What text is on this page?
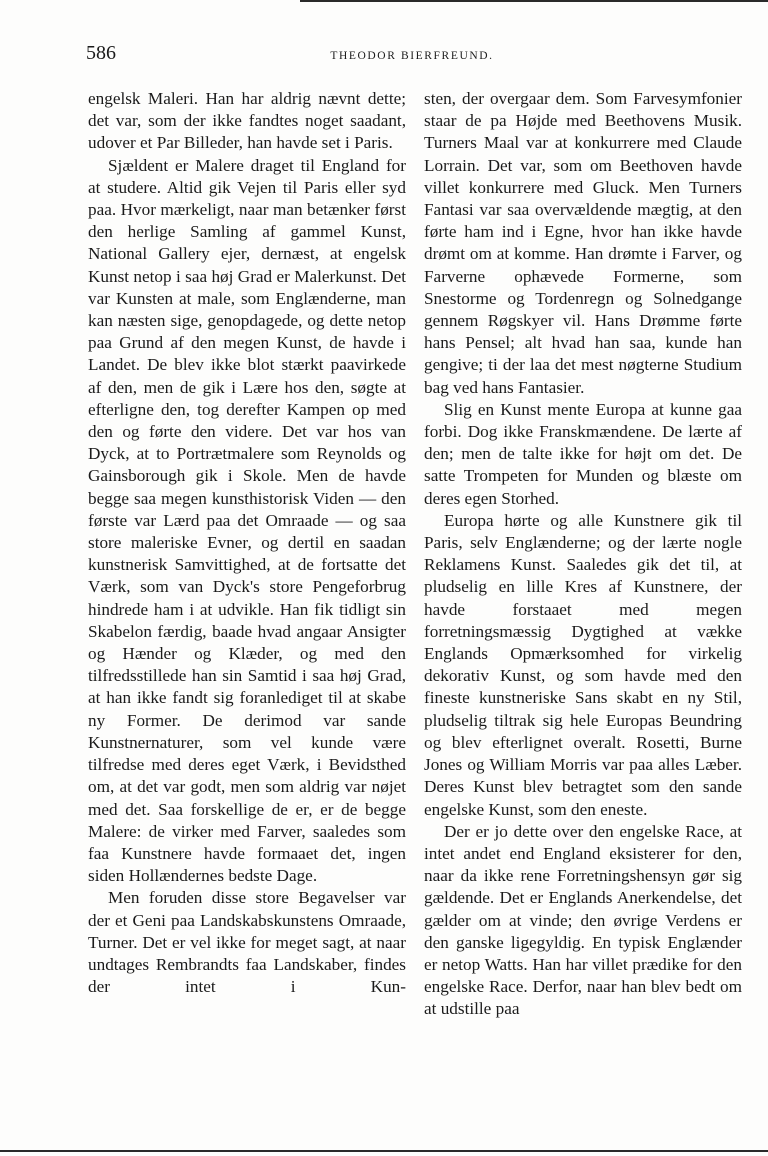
586	THEODOR BIERFREUND.

engelsk Maleri. Han har aldrig nævnt dette; det var, som der ikke fandtes noget saadant, udover et Par Billeder, han havde set i Paris.

Sjældent er Malere draget til England for at studere. Altid gik Vejen til Paris eller syd paa. Hvor mærkeligt, naar man betænker først den herlige Samling af gammel Kunst, National Gallery ejer, dernæst, at engelsk Kunst netop i saa høj Grad er Malerkunst. Det var Kunsten at male, som Englænderne, man kan næsten sige, genopdagede, og dette netop paa Grund af den megen Kunst, de havde i Landet. De blev ikke blot stærkt paavirkede af den, men de gik i Lære hos den, søgte at efterligne den, tog derefter Kampen op med den og førte den videre. Det var hos van Dyck, at to Portrætmalere som Reynolds og Gainsborough gik i Skole. Men de havde begge saa megen kunsthistorisk Viden — den første var Lærd paa det Omraade — og saa store maleriske Evner, og dertil en saadan kunstnerisk Samvittighed, at de fortsatte det Værk, som van Dyck's store Pengeforbrug hindrede ham i at udvikle. Han fik tidligt sin Skabelon færdig, baade hvad angaar Ansigter og Hænder og Klæder, og med den tilfredsstillede han sin Samtid i saa høj Grad, at han ikke fandt sig foranlediget til at skabe ny Former. De derimod var sande Kunstnernaturer, som vel kunde være tilfredse med deres eget Værk, i Bevidsthed om, at det var godt, men som aldrig var nøjet med det. Saa forskellige de er, er de begge Malere: de virker med Farver, saaledes som faa Kunstnere havde formaaet det, ingen siden Hollændernes bedste Dage.

Men foruden disse store Begavelser var der et Geni paa Landskabskunstens Omraade, Turner. Det er vel ikke for meget sagt, at naar undtages Rembrandts faa Landskaber, findes der intet i Kun-

sten, der overgaar dem. Som Farvesymfonier staar de pa Højde med Beethovens Musik. Turners Maal var at konkurrere med Claude Lorrain. Det var, som om Beethoven havde villet konkurrere med Gluck. Men Turners Fantasi var saa overvældende mægtig, at den førte ham ind i Egne, hvor han ikke havde drømt om at komme. Han drømte i Farver, og Farverne ophævede Formerne, som Snestorme og Tordenregn og Solnedgange gennem Røgskyer vil. Hans Drømme førte hans Pensel; alt hvad han saa, kunde han gengive; ti der laa det mest nøgterne Studium bag ved hans Fantasier.

Slig en Kunst mente Europa at kunne gaa forbi. Dog ikke Franskmændene. De lærte af den; men de talte ikke for højt om det. De satte Trompeten for Munden og blæste om deres egen Storhed.

Europa hørte og alle Kunstnere gik til Paris, selv Englænderne; og der lærte nogle Reklamens Kunst. Saaledes gik det til, at pludselig en lille Kres af Kunstnere, der havde forstaaet med megen forretningsmæssig Dygtighed at vække Englands Opmærksomhed for virkelig dekorativ Kunst, og som havde med den fineste kunstneriske Sans skabt en ny Stil, pludselig tiltrak sig hele Europas Beundring og blev efterlignet overalt. Rosetti, Burne Jones og William Morris var paa alles Læber. Deres Kunst blev betragtet som den sande engelske Kunst, som den eneste.

Der er jo dette over den engelske Race, at intet andet end England eksisterer for den, naar da ikke rene Forretningshensyn gør sig gældende. Det er Englands Anerkendelse, det gælder om at vinde; den øvrige Verdens er den ganske ligegyldig. En typisk Englænder er netop Watts. Han har villet prædike for den engelske Race. Derfor, naar han blev bedt om at udstille paa
